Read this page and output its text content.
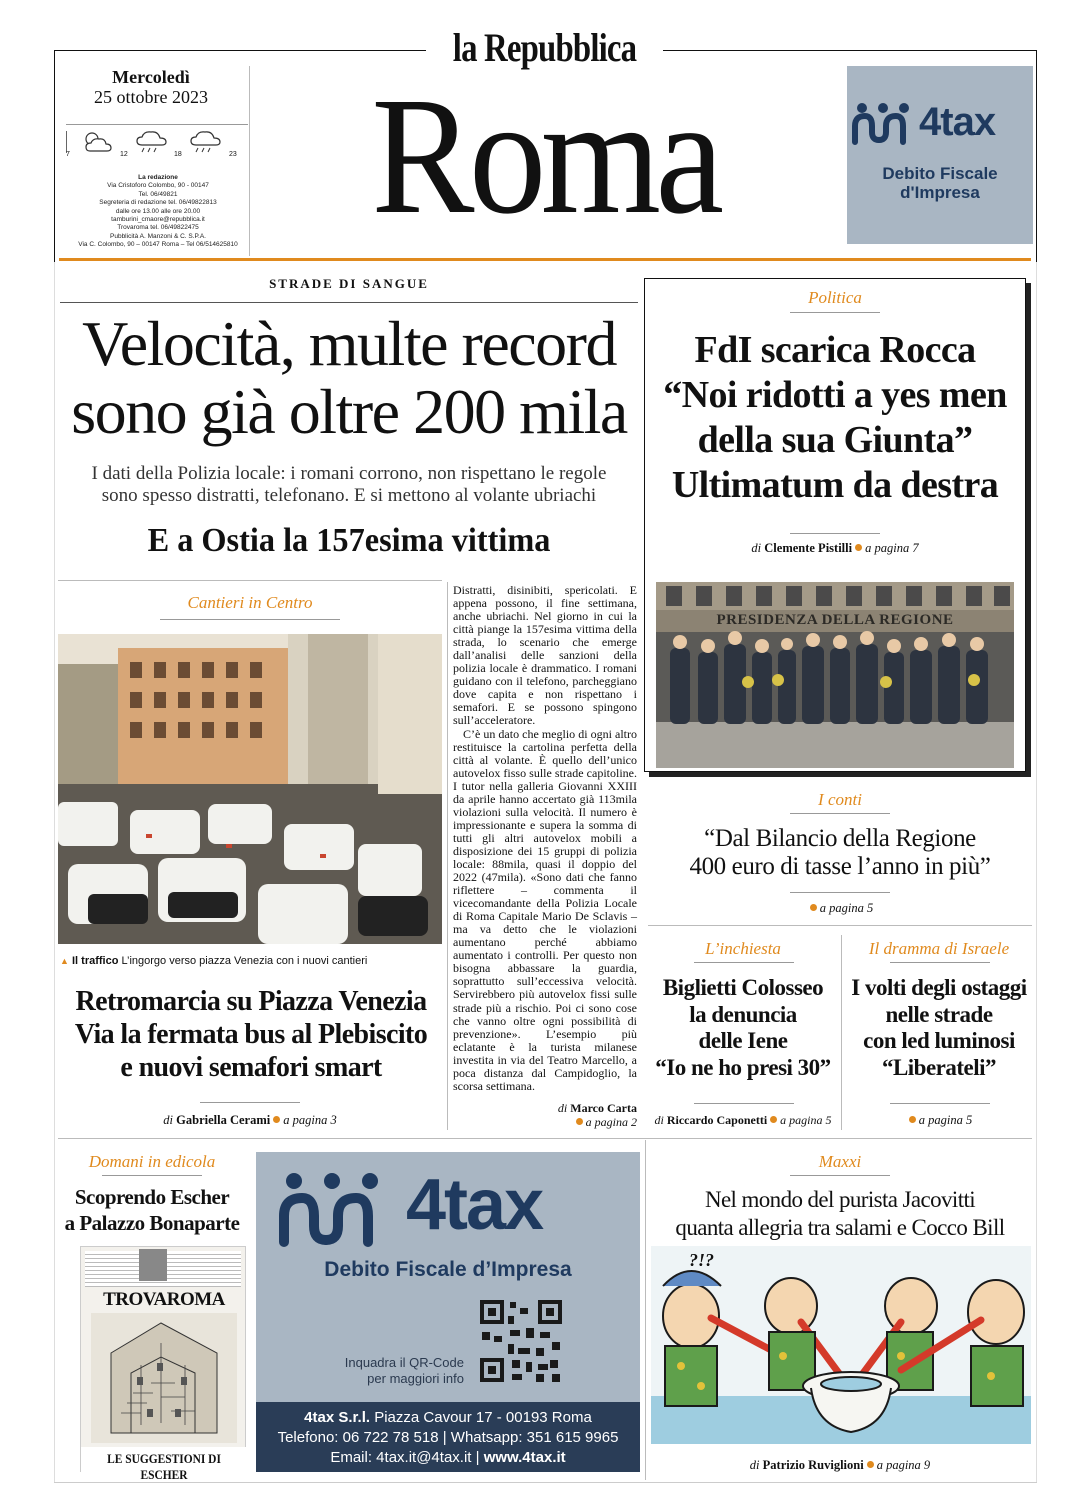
la Repubblica
Mercoledì
25 ottobre 2023
7	12	18	23
La redazione
Via Cristoforo Colombo, 90 - 00147
Tel. 06/49821
Segreteria di redazione tel. 06/49822813
dalle ore 13.00 alle ore 20.00
tamburini_cmaore@repubblica.it
Trovaroma tel. 06/49822475
Pubblicità A. Manzoni & C. S.P.A.
Via C. Colombo, 90 – 00147 Roma – Tel 06/514625810 Roma	4tax
Debito Fiscale
d'Impresa
STRADE DI SANGUE
Velocità, multe record
sono già oltre 200 mila
I dati della Polizia locale: i romani corrono, non rispettano le regole
sono spesso distratti, telefonano. E si mettono al volante ubriachi
E a Ostia la 157esima vittima
Politica
FdI scarica Rocca
“Noi ridotti a yes men
della sua Giunta”
Ultimatum da destra
di Clemente Pistilli a pagina 7
PRESIDENZA DELLA REGIONE
Cantieri in Centro
▲ Il traffico L’ingorgo verso piazza Venezia con i nuovi cantieri
Retromarcia su Piazza Venezia
Via la fermata bus al Plebiscito
e nuovi semafori smart
di Gabriella Cerami a pagina 3

Distratti, disinibiti, spericolati. E appena possono, il fine settimana, anche ubriachi. Nel giorno in cui la città piange la 157esima vittima della strada, lo scenario che emerge dall’analisi delle sanzioni della polizia locale è drammatico. I romani guidano con il telefono, parcheggiano dove capita e non rispettano i semafori. E se possono spingono sull’acceleratore.

C’è un dato che meglio di ogni altro restituisce la cartolina perfetta della città al volante. È quello dell’unico autovelox fisso sulle strade capitoline. I tutor nella galleria Giovanni XXIII da aprile hanno accertato già 113mila violazioni sulla velocità. Il numero è impressionante e supera la somma di tutti gli altri autovelox mobili a disposizione dei 15 gruppi di polizia locale: 88mila, quasi il doppio del 2022 (47mila). «Sono dati che fanno riflettere – commenta il vicecomandante della Polizia Locale di Roma Capitale Mario De Sclavis – ma va detto che le violazioni aumentano perché abbiamo aumentato i controlli. Per questo non bisogna abbassare la guardia, soprattutto sull’eccessiva velocità. Servirebbero più autovelox fissi sulle strade più a rischio. Poi ci sono cose che vanno oltre ogni possibilità di prevenzione». L’esempio più eclatante è la turista milanese investita in via del Teatro Marcello, a poca distanza dal Campidoglio, la scorsa settimana.

di Marco Carta
a pagina 2
I conti
“Dal Bilancio della Regione
400 euro di tasse l’anno in più”
a pagina 5
L’inchiesta
Biglietti Colosseo
la denuncia
delle Iene
“Io ne ho presi 30”
di Riccardo Caponetti a pagina 5
Il dramma di Israele
I volti degli ostaggi
nelle strade
con led luminosi
“Liberateli”
a pagina 5
Domani in edicola
Scoprendo Escher
a Palazzo Bonaparte
TROVAROMA
LE SUGGESTIONI DI ESCHER
4tax
Debito Fiscale d’Impresa
Inquadra il QR-Code
per maggiori info
4tax S.r.l. Piazza Cavour 17 - 00193 Roma
Telefono: 06 722 78 518 | Whatsapp: 351 615 9965
Email: 4tax.it@4tax.it | www.4tax.it
Maxxi
Nel mondo del purista Jacovitti
quanta allegria tra salami e Cocco Bill
?!?
di Patrizio Ruviglioni a pagina 9
